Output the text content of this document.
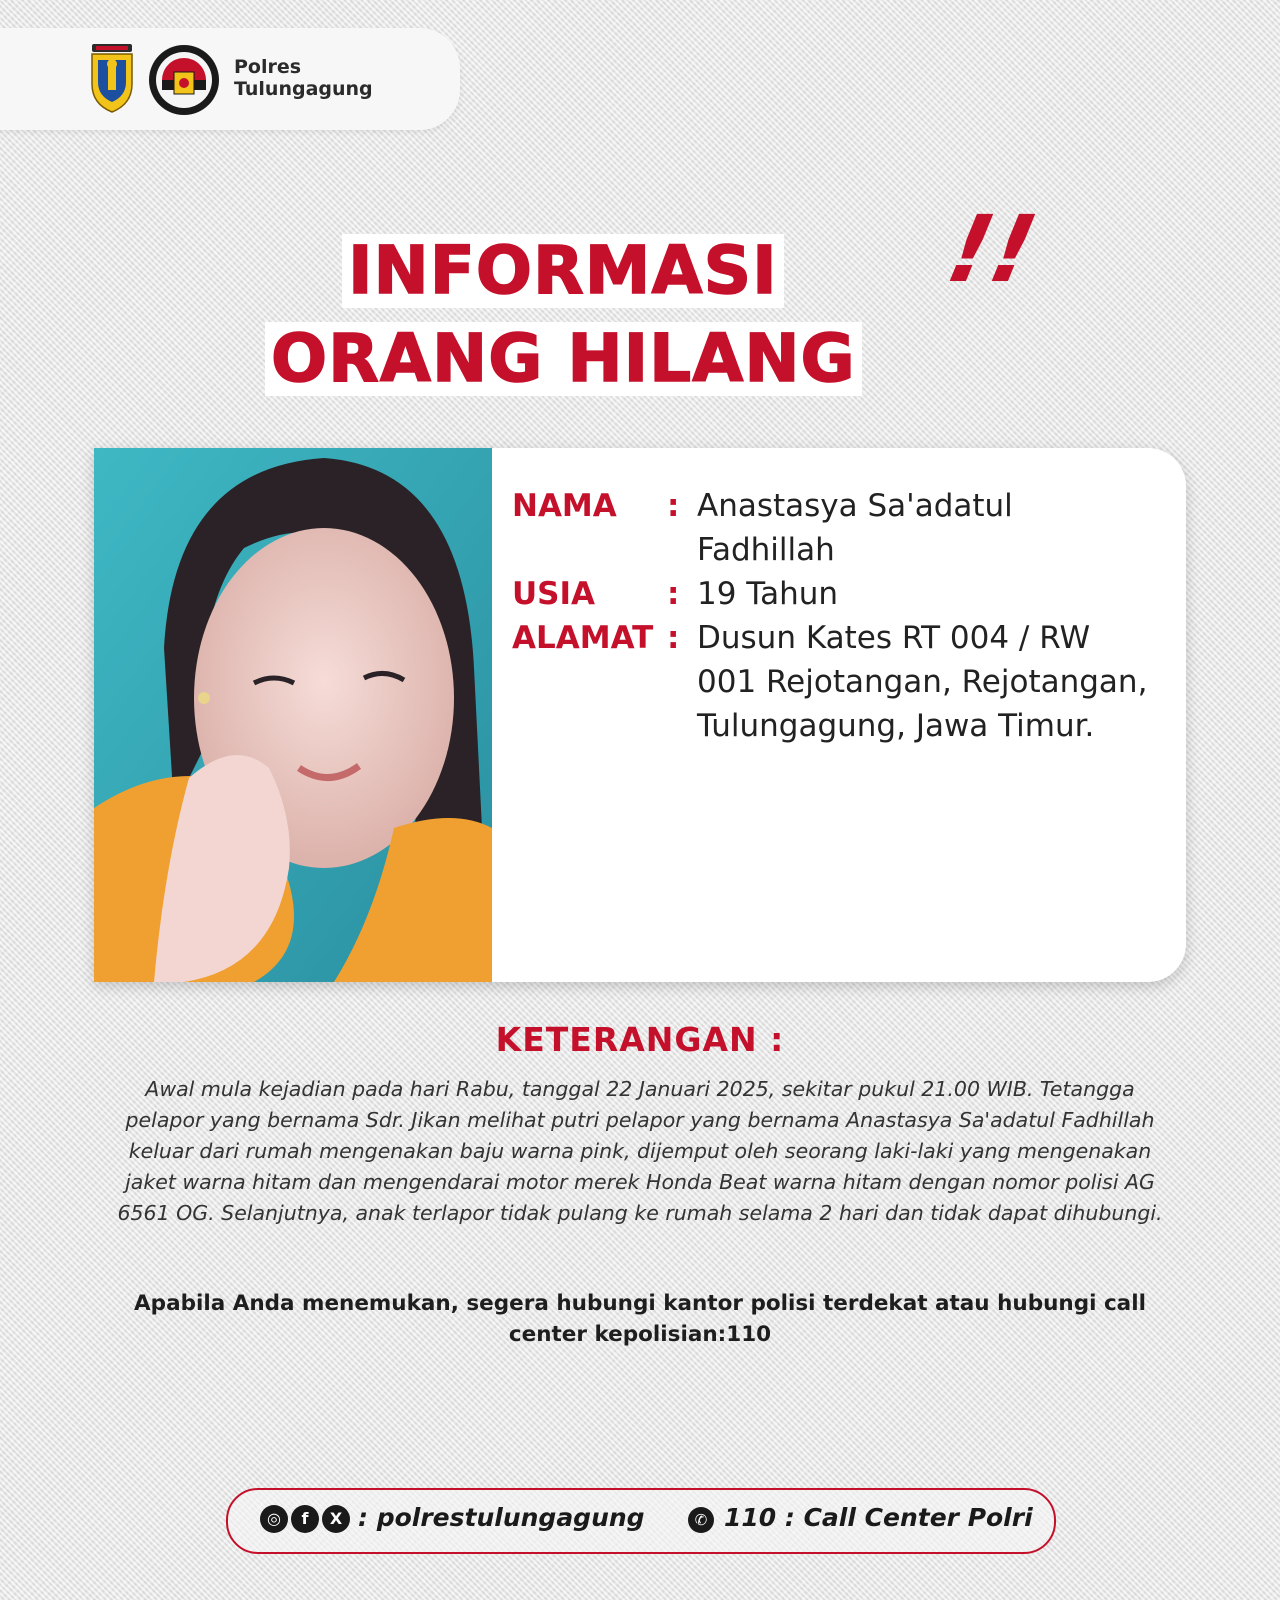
Polres
Tulungagung
INFORMASI !!
ORANG HILANG
NAMA	: Anastasya Sa'adatul Fadhillah
USIA	: 19 Tahun
ALAMAT : Dusun Kates RT 004 / RW 001 Rejotangan, Rejotangan, Tulungagung, Jawa Timur.
KETERANGAN :
Awal mula kejadian pada hari Rabu, tanggal 22 Januari 2025, sekitar pukul 21.00 WIB. Tetangga pelapor yang bernama Sdr. Jikan melihat putri pelapor yang bernama Anastasya Sa'adatul Fadhillah keluar dari rumah mengenakan baju warna pink, dijemput oleh seorang laki-laki yang mengenakan jaket warna hitam dan mengendarai motor merek Honda Beat warna hitam dengan nomor polisi AG 6561 OG. Selanjutnya, anak terlapor tidak pulang ke rumah selama 2 hari dan tidak dapat dihubungi.
Apabila Anda menemukan, segera hubungi kantor polisi terdekat atau hubungi call center kepolisian:110
◎	f	X : polrestulungagung	✆ 110 : Call Center Polri
